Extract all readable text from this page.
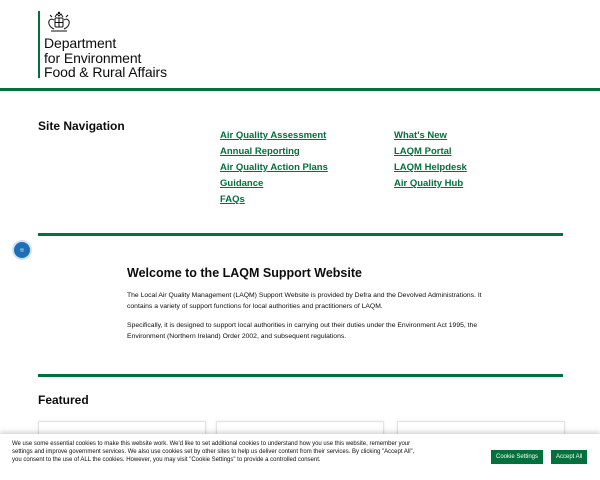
Department
for Environment
Food & Rural Affairs
Site Navigation
Air Quality Assessment
Annual Reporting
Air Quality Action Plans
Guidance
FAQs
What's New
LAQM Portal
LAQM Helpdesk
Air Quality Hub
Welcome to the LAQM Support Website

The Local Air Quality Management (LAQM) Support Website is provided by Defra and the Devolved Administrations. It contains a variety of support functions for local authorities and practitioners of LAQM.

Specifically, it is designed to support local authorities in carrying out their duties under the Environment Act 1995, the Environment (Northern Ireland) Order 2002, and subsequent regulations.

Featured

We use some essential cookies to make this website work. We'd like to set additional cookies to understand how you use this website, remember your settings and improve government services. We also use cookies set by other sites to help us deliver content from their services. By clicking "Accept All", you consent to the use of ALL the cookies. However, you may visit "Cookie Settings" to provide a controlled consent.	Cookie Settings	Accept All
